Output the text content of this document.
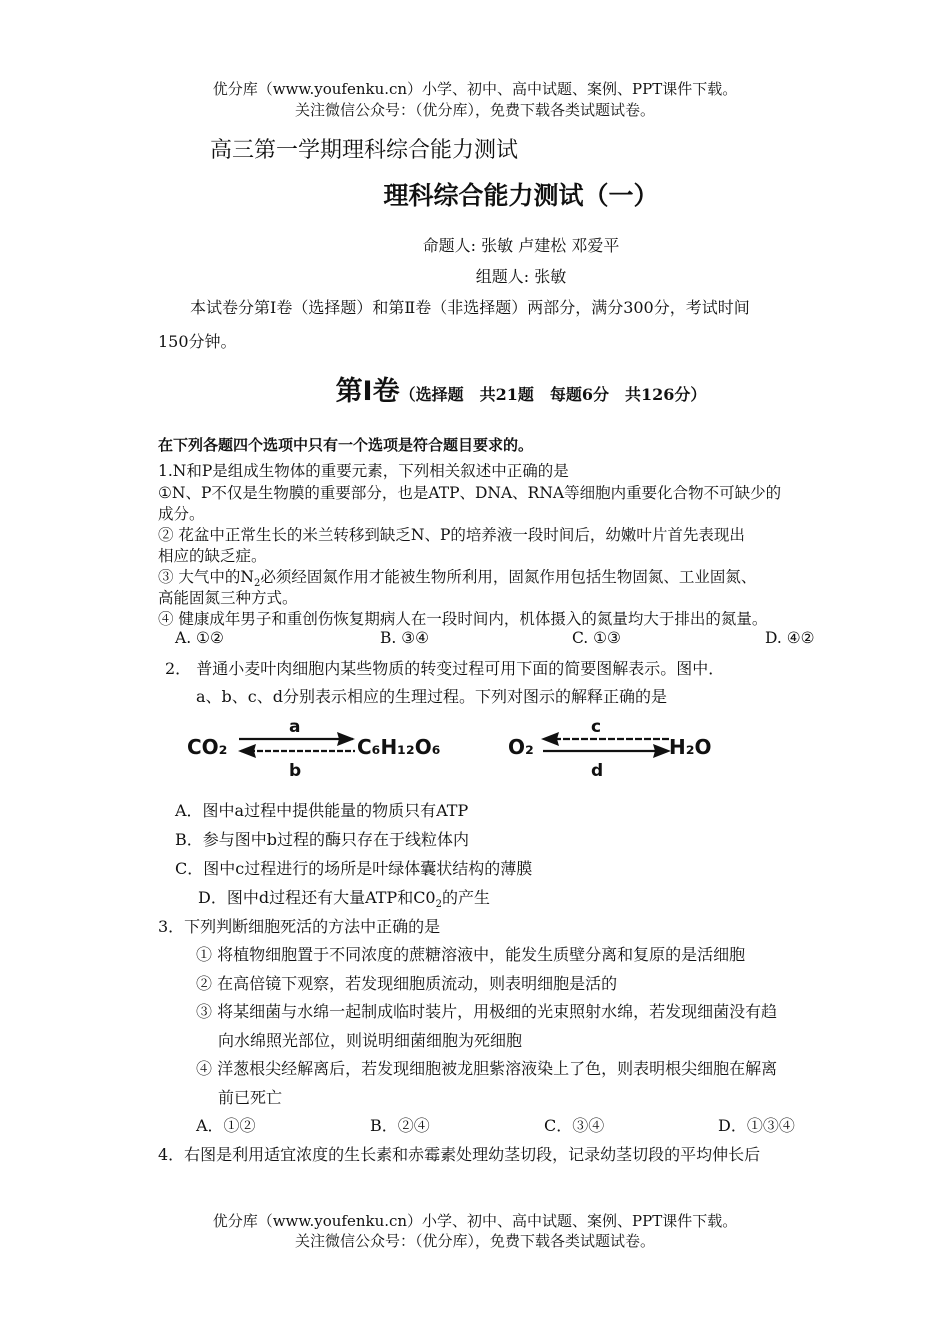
优分库（www.youfenku.cn）小学、初中、高中试题、案例、PPT课件下载。
关注微信公众号：（优分库），免费下载各类试题试卷。
高三第一学期理科综合能力测试
理科综合能力测试（一）
命题人: 张敏 卢建松 邓爱平
组题人: 张敏
本试卷分第Ⅰ卷（选择题）和第Ⅱ卷（非选择题）两部分，满分300分，考试时间
150分钟。
第Ⅰ卷（选择题　共21题　每题6分　共126分）
在下列各题四个选项中只有一个选项是符合题目要求的。
1.N和P是组成生物体的重要元素，下列相关叙述中正确的是
①N、P不仅是生物膜的重要部分，也是ATP、DNA、RNA等细胞内重要化合物不可缺少的
成分。
② 花盆中正常生长的米兰转移到缺乏N、P的培养液一段时间后，幼嫩叶片首先表现出
相应的缺乏症。
③ 大气中的$N_2$必须经固氮作用才能被生物所利用，固氮作用包括生物固氮、工业固氮、
高能固氮三种方式。
④ 健康成年男子和重创伤恢复期病人在一段时间内，机体摄入的氮量均大于排出的氮量。
A. ①②	B. ③④	C. ①③	D. ④②
2． 普通小麦叶肉细胞内某些物质的转变过程可用下面的简要图解表示。图中．
a、b、c、d分别表示相应的生理过程。下列对图示的解释正确的是
CO₂
a
b
C₆H₁₂O₆	O₂
c
d
H₂O
A．图中a过程中提供能量的物质只有ATP
B．参与图中b过程的酶只存在于线粒体内
C．图中c过程进行的场所是叶绿体囊状结构的薄膜
D．图中d过程还有大量ATP和$C0_2$的产生
3．下列判断细胞死活的方法中正确的是
① 将植物细胞置于不同浓度的蔗糖溶液中，能发生质壁分离和复原的是活细胞
② 在高倍镜下观察，若发现细胞质流动，则表明细胞是活的
③ 将某细菌与水绵一起制成临时装片，用极细的光束照射水绵，若发现细菌没有趋
向水绵照光部位，则说明细菌细胞为死细胞
④ 洋葱根尖经解离后，若发现细胞被龙胆紫溶液染上了色，则表明根尖细胞在解离
前已死亡
A．①②	B．②④	C．③④	D．①③④
4．右图是利用适宜浓度的生长素和赤霉素处理幼茎切段，记录幼茎切段的平均伸长后
优分库（www.youfenku.cn）小学、初中、高中试题、案例、PPT课件下载。
关注微信公众号：（优分库），免费下载各类试题试卷。
